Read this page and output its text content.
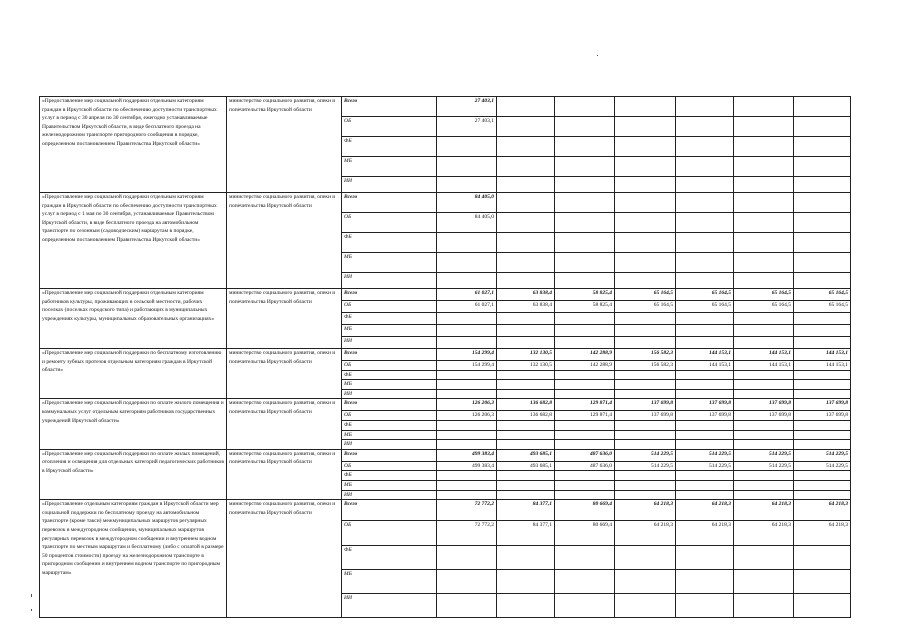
«Предоставление мер социальной поддержки отдельным категориям граждан в Иркутской области по обеспечению доступности транспортных услуг в период с 30 апреля по 30 сентября, ежегодно устанавливаемые Правительством Иркутской области, в виде бесплатного проезда на железнодорожном транспорте пригородного сообщения в порядке, определенном постановлением Правительства Иркутской области»	министерство социального развития, опеки и попечительства Иркутской области	Всего	27 403,1						
		ОБ	27 403,1						
		ФБ							
		МБ							
		ИИ							
«Предоставление мер социальной поддержки отдельным категориям граждан в Иркутской области по обеспечению доступности транспортных услуг в период с 1 мая по 30 сентября, устанавливаемые Правительством Иркутской области, в виде бесплатного проезда на автомобильном транспорте по сезонным (садоводческим) маршрутам в порядке, определенном постановлением Правительства Иркутской области»	министерство социального развития, опеки и попечительства Иркутской области	Всего	84 405,0						
		ОБ	84 405,0						
		ФБ							
		МБ							
		ИИ							
«Предоставление мер социальной поддержки отдельным категориям работников культуры, проживающих в сельской местности, рабочих поселках (поселках городского типа) и работающих в муниципальных учреждениях культуры, муниципальных образовательных организациях»	министерство социального развития, опеки и попечительства Иркутской области	Всего	61 027,1	63 838,4	58 825,4	65 164,5	65 164,5	65 164,5	65 164,5
		ОБ	61 027,1	63 838,4	58 825,4	65 164,5	65 164,5	65 164,5	65 164,5
		ФБ							
		МБ							
		ИИ							
«Предоставление мер социальной поддержки по бесплатному изготовлению и ремонту зубных протезов отдельным категориям граждан в Иркутской области»	министерство социального развития, опеки и попечительства Иркутской области	Всего	154 299,4	132 130,5	142 288,9	156 582,3	144 153,1	144 153,1	144 153,1
		ОБ	154 299,4	132 130,5	142 288,9	156 582,3	144 153,1	144 153,1	144 153,1
		ФБ							
		МБ							
		ИИ							
«Предоставление мер социальной поддержки по оплате жилого помещения и коммунальных услуг отдельным категориям работников государственных учреждений Иркутской области»	министерство социального развития, опеки и попечительства Иркутской области	Всего	126 206,3	136 682,8	129 871,4	137 699,8	137 699,8	137 699,8	137 699,8
		ОБ	126 206,3	136 682,8	129 871,4	137 699,8	137 699,8	137 699,8	137 699,8
		ФБ							
		МБ							
		ИИ							
«Предоставление мер социальной поддержки по оплате жилых помещений, отопления и освещения для отдельных категорий педагогических работников в Иркутской области»	министерство социального развития, опеки и попечительства Иркутской области	Всего	499 383,4	493 685,1	487 636,0	514 229,5	514 229,5	514 229,5	514 229,5
		ОБ	499 383,4	493 685,1	487 636,0	514 229,5	514 229,5	514 229,5	514 229,5
		ФБ							
		МБ							
		ИИ							
«Предоставление отдельным категориям граждан в Иркутской области мер социальной поддержки по бесплатному проезду на автомобильном транспорте (кроме такси) межмуниципальных маршрутов регулярных перевозок в междугородном сообщении, муниципальных маршрутов регулярных перевозок в междугородном сообщении и внутреннем водном транспорте по местным маршрутам и бесплатному (либо с оплатой в размере 50 процентов стоимости) проезду на железнодорожном транспорте в пригородном сообщении и внутреннем водном транспорте по пригородным маршрутам»	министерство социального развития, опеки и попечительства Иркутской области	Всего	72 772,2	84 377,1	80 669,4	64 218,3	64 218,3	64 218,3	64 218,3
		ОБ	72 772,2	84 377,1	80 669,4	64 218,3	64 218,3	64 218,3	64 218,3
		ФБ							
		МБ							
		ИИ							
